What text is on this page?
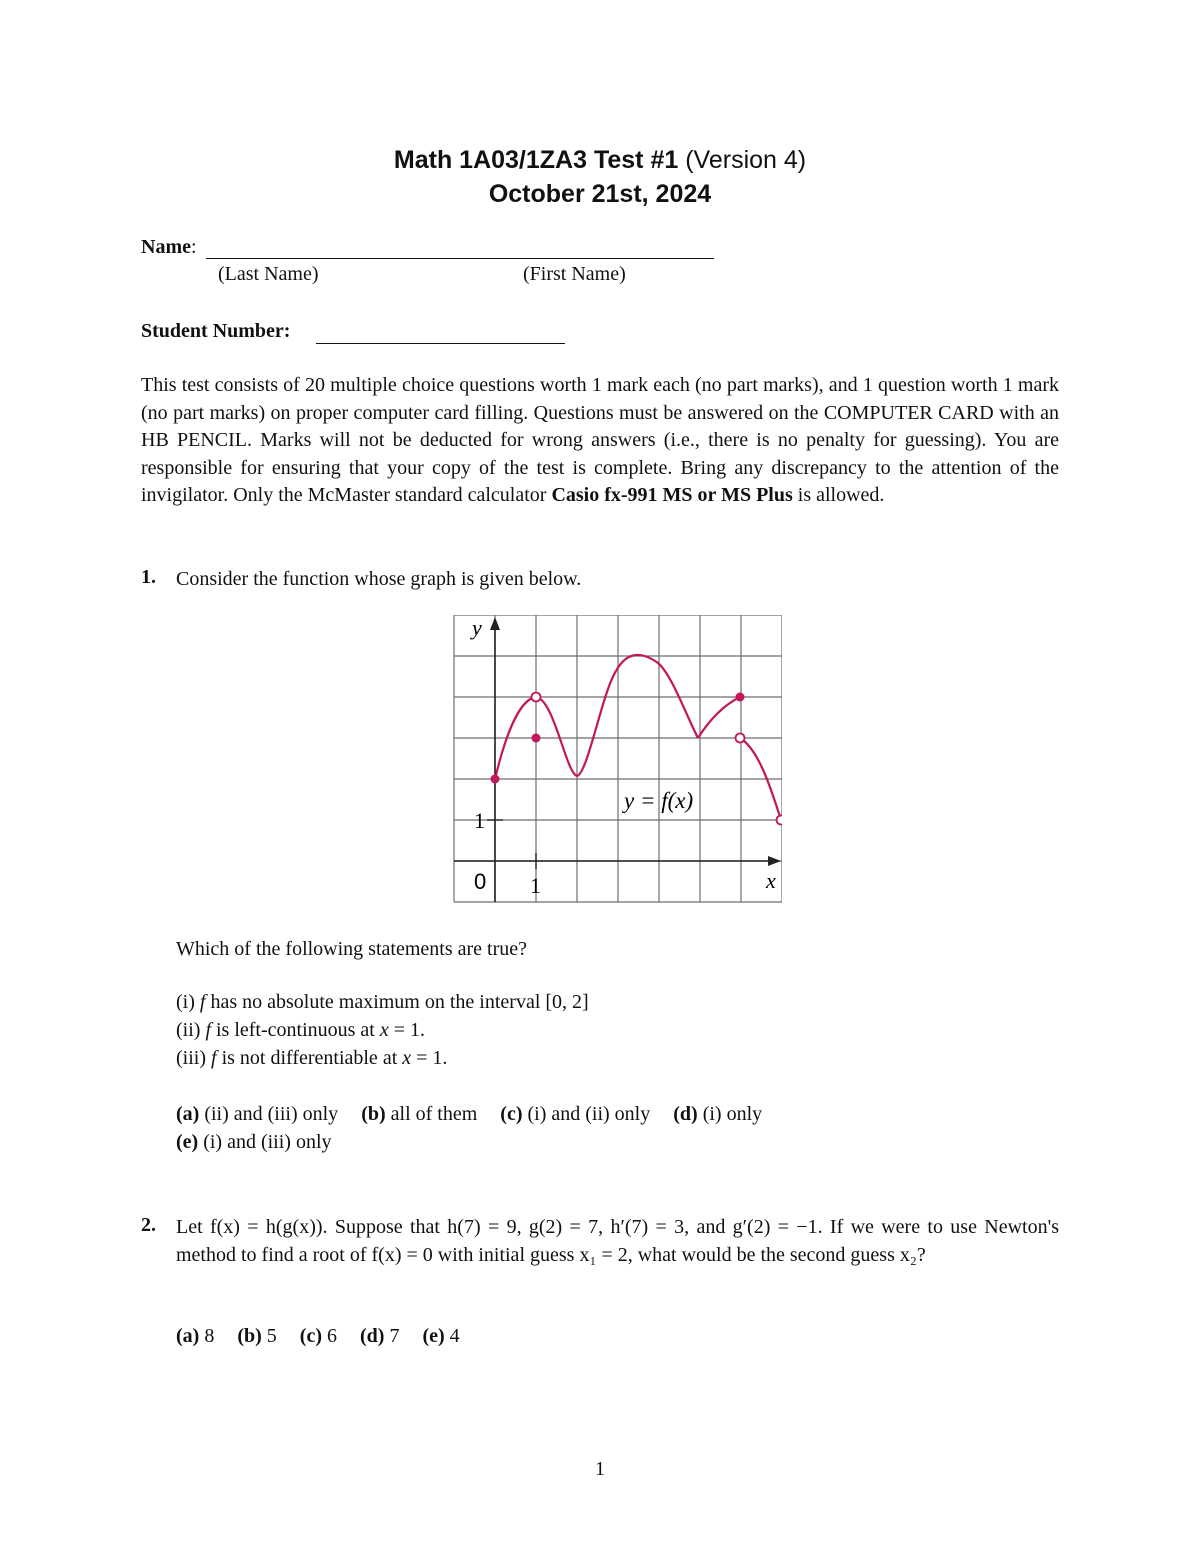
Math 1A03/1ZA3 Test #1 (Version 4)
October 21st, 2024
Name:
(Last Name)	(First Name)
Student Number:
This test consists of 20 multiple choice questions worth 1 mark each (no part marks), and 1 question worth 1 mark (no part marks) on proper computer card filling. Questions must be answered on the COMPUTER CARD with an HB PENCIL. Marks will not be deducted for wrong answers (i.e., there is no penalty for guessing). You are responsible for ensuring that your copy of the test is complete. Bring any discrepancy to the attention of the invigilator. Only the McMaster standard calculator Casio fx-991 MS or MS Plus is allowed.
1. Consider the function whose graph is given below.
y
x
0 1
1
y = f(x)
Which of the following statements are true?
(i) f has no absolute maximum on the interval [0, 2]
(ii) f is left-continuous at x = 1.
(iii) f is not differentiable at x = 1.
(a) (ii) and (iii) only (b) all of them (c) (i) and (ii) only (d) (i) only
(e) (i) and (iii) only
2. Let f(x) = h(g(x)). Suppose that h(7) = 9, g(2) = 7, h′(7) = 3, and g′(2) = −1. If we were to use Newton's method to find a root of f(x) = 0 with initial guess x₁ = 2, what would be the second guess x₂?
(a) 8 (b) 5 (c) 6 (d) 7 (e) 4
1
